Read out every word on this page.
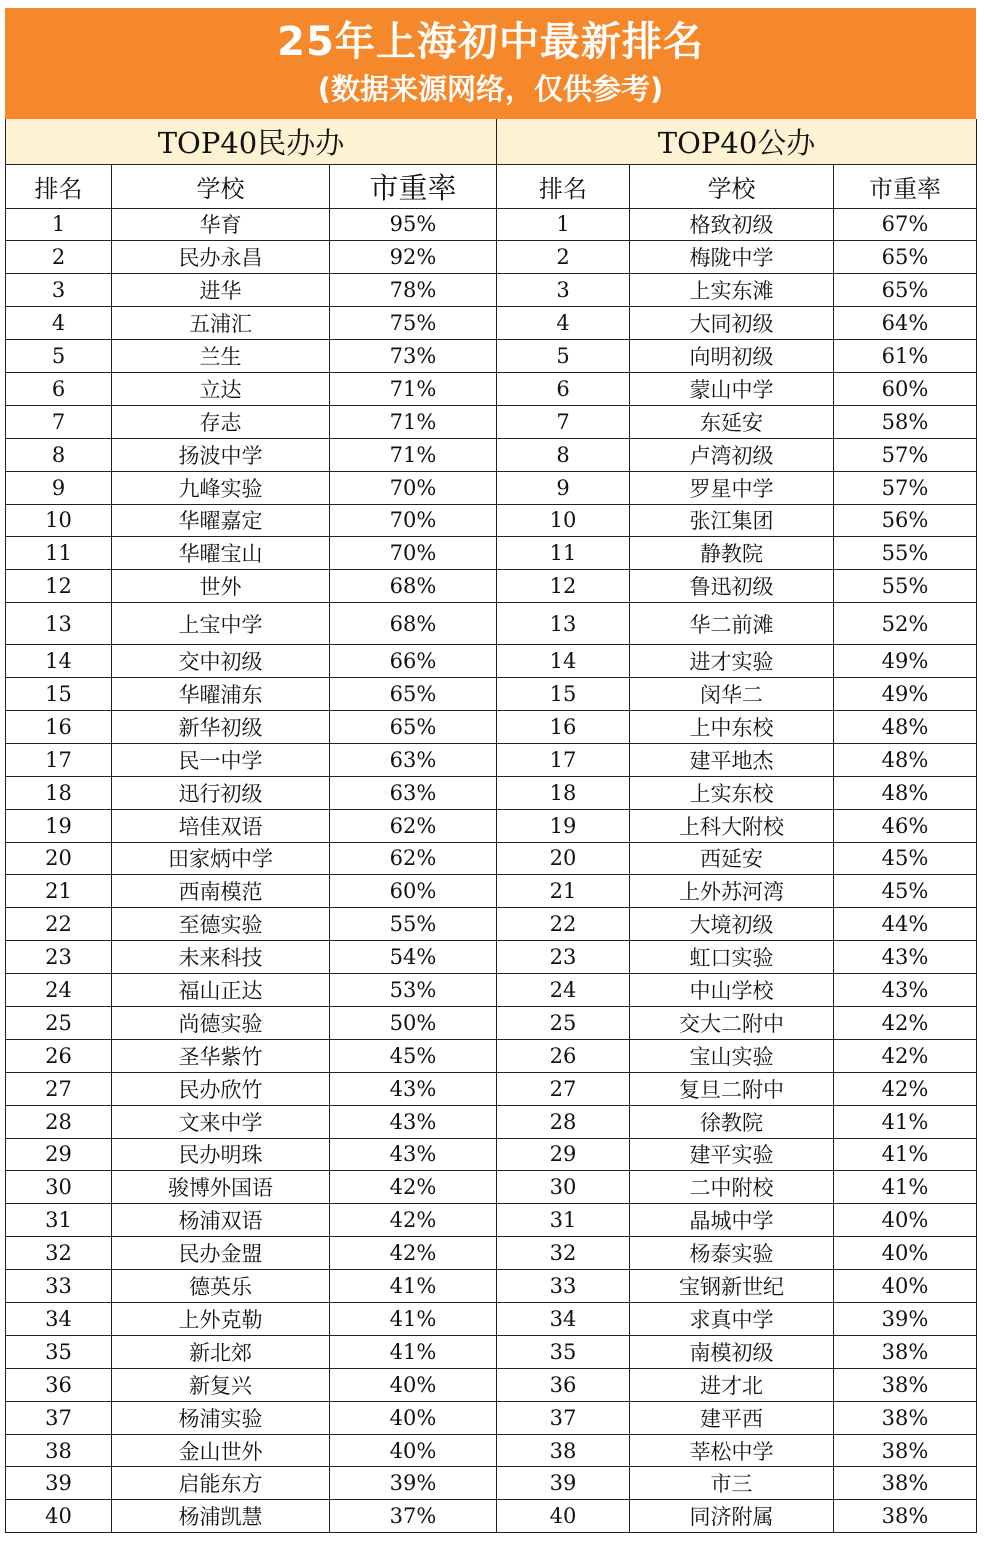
25年上海初中最新排名
(数据来源网络，仅供参考)
TOP40民办办			TOP40公办		
排名	学校	市重率	排名	学校	市重率
1	华育	95%	1	格致初级	67%
2	民办永昌	92%	2	梅陇中学	65%
3	进华	78%	3	上实东滩	65%
4	五浦汇	75%	4	大同初级	64%
5	兰生	73%	5	向明初级	61%
6	立达	71%	6	蒙山中学	60%
7	存志	71%	7	东延安	58%
8	扬波中学	71%	8	卢湾初级	57%
9	九峰实验	70%	9	罗星中学	57%
10	华曜嘉定	70%	10	张江集团	56%
11	华曜宝山	70%	11	静教院	55%
12	世外	68%	12	鲁迅初级	55%
13	上宝中学	68%	13	华二前滩	52%
14	交中初级	66%	14	进才实验	49%
15	华曜浦东	65%	15	闵华二	49%
16	新华初级	65%	16	上中东校	48%
17	民一中学	63%	17	建平地杰	48%
18	迅行初级	63%	18	上实东校	48%
19	培佳双语	62%	19	上科大附校	46%
20	田家炳中学	62%	20	西延安	45%
21	西南模范	60%	21	上外苏河湾	45%
22	至德实验	55%	22	大境初级	44%
23	未来科技	54%	23	虹口实验	43%
24	福山正达	53%	24	中山学校	43%
25	尚德实验	50%	25	交大二附中	42%
26	圣华紫竹	45%	26	宝山实验	42%
27	民办欣竹	43%	27	复旦二附中	42%
28	文来中学	43%	28	徐教院	41%
29	民办明珠	43%	29	建平实验	41%
30	骏博外国语	42%	30	二中附校	41%
31	杨浦双语	42%	31	晶城中学	40%
32	民办金盟	42%	32	杨泰实验	40%
33	德英乐	41%	33	宝钢新世纪	40%
34	上外克勒	41%	34	求真中学	39%
35	新北郊	41%	35	南模初级	38%
36	新复兴	40%	36	进才北	38%
37	杨浦实验	40%	37	建平西	38%
38	金山世外	40%	38	莘松中学	38%
39	启能东方	39%	39	市三	38%
40	杨浦凯慧	37%	40	同济附属	38%
